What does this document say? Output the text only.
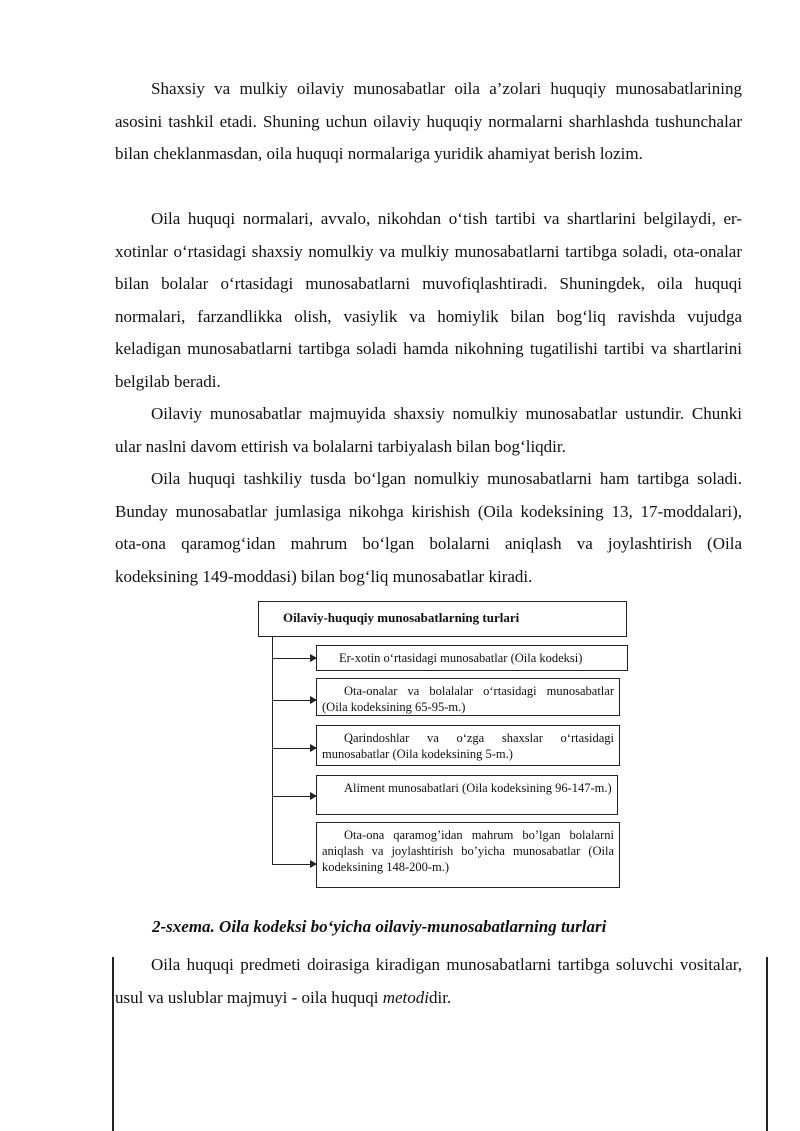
Shaxsiy va mulkiy oilaviy munosabatlar oila a’zolari huquqiy munosabatlarining asosini tashkil etadi. Shuning uchun oilaviy huquqiy normalarni sharhlashda tushunchalar bilan cheklanmasdan, oila huquqi normalariga yuridik ahamiyat berish lozim.

Oila huquqi normalari, avvalo, nikohdan o‘tish tartibi va shartlarini belgilaydi, er-xotinlar o‘rtasidagi shaxsiy nomulkiy va mulkiy munosabatlarni tartibga soladi, ota-onalar bilan bolalar o‘rtasidagi munosabatlarni muvofiqlashtiradi. Shuningdek, oila huquqi normalari, farzandlikka olish, vasiylik va homiylik bilan bog‘liq ravishda vujudga keladigan munosabatlarni tartibga soladi hamda nikohning tugatilishi tartibi va shartlarini belgilab beradi.

Oilaviy munosabatlar majmuyida shaxsiy nomulkiy munosabatlar ustundir. Chunki ular naslni davom ettirish va bolalarni tarbiyalash bilan bog‘liqdir.

Oila huquqi tashkiliy tusda bo‘lgan nomulkiy munosabatlarni ham tartibga soladi. Bunday munosabatlar jumlasiga nikohga kirishish (Oila kodeksining 13, 17-moddalari), ota-ona qaramog‘idan mahrum bo‘lgan bolalarni aniqlash va joylashtirish (Oila kodeksining 149-moddasi) bilan bog‘liq munosabatlar kiradi.

Oilaviy-huquqiy munosabatlarning turlari
Er-xotin o‘rtasidagi munosabatlar (Oila kodeksi)
Ota-onalar va bolalalar o‘rtasidagi munosabatlar (Oila kodeksining 65-95-m.)
Qarindoshlar va o‘zga shaxslar o‘rtasidagi munosabatlar (Oila kodeksining 5-m.)
Aliment munosabatlari (Oila kodeksining 96-147-m.)
Ota-ona qaramog’idan mahrum bo’lgan bolalarni aniqlash va joylashtirish bo’yicha munosabatlar (Oila kodeksining 148-200-m.)

2-sxema. Oila kodeksi bo‘yicha oilaviy-munosabatlarning turlari

Oila huquqi predmeti doirasiga kiradigan munosabatlarni tartibga soluvchi vositalar, usul va uslublar majmuyi - oila huquqi metodidir.
